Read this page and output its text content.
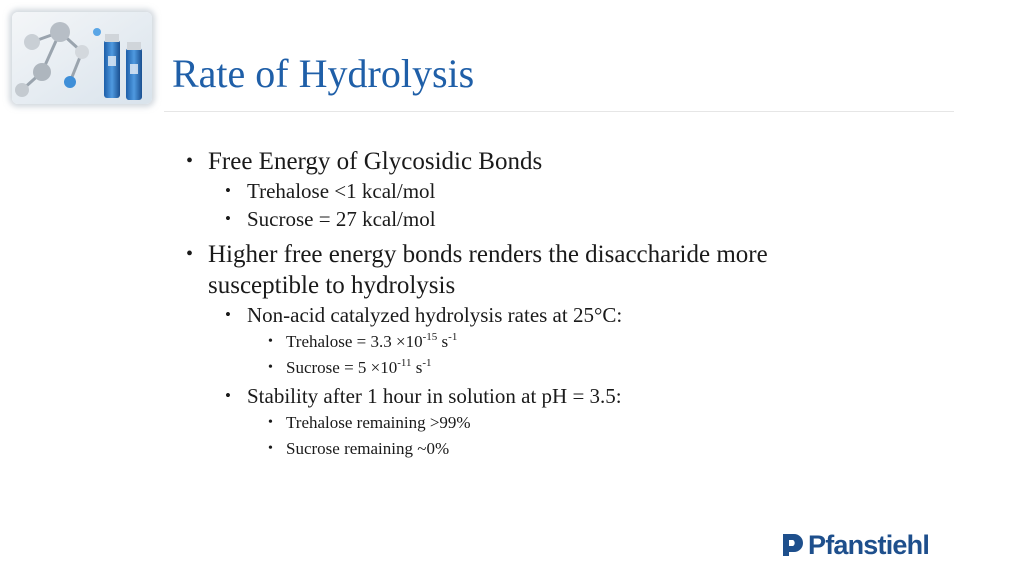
Rate of Hydrolysis
• Free Energy of Glycosidic Bonds
• Trehalose <1 kcal/mol
• Sucrose = 27 kcal/mol
• Higher free energy bonds renders the disaccharide more susceptible to hydrolysis
• Non-acid catalyzed hydrolysis rates at 25°C:
• Trehalose = $3.3 \times 10^{-15}$ $s^{-1}$
• Sucrose = $5 \times 10^{-11}$ $s^{-1}$
• Stability after 1 hour in solution at pH = 3.5:
• Trehalose remaining >99%
• Sucrose remaining ~0%
Pfanstiehl
